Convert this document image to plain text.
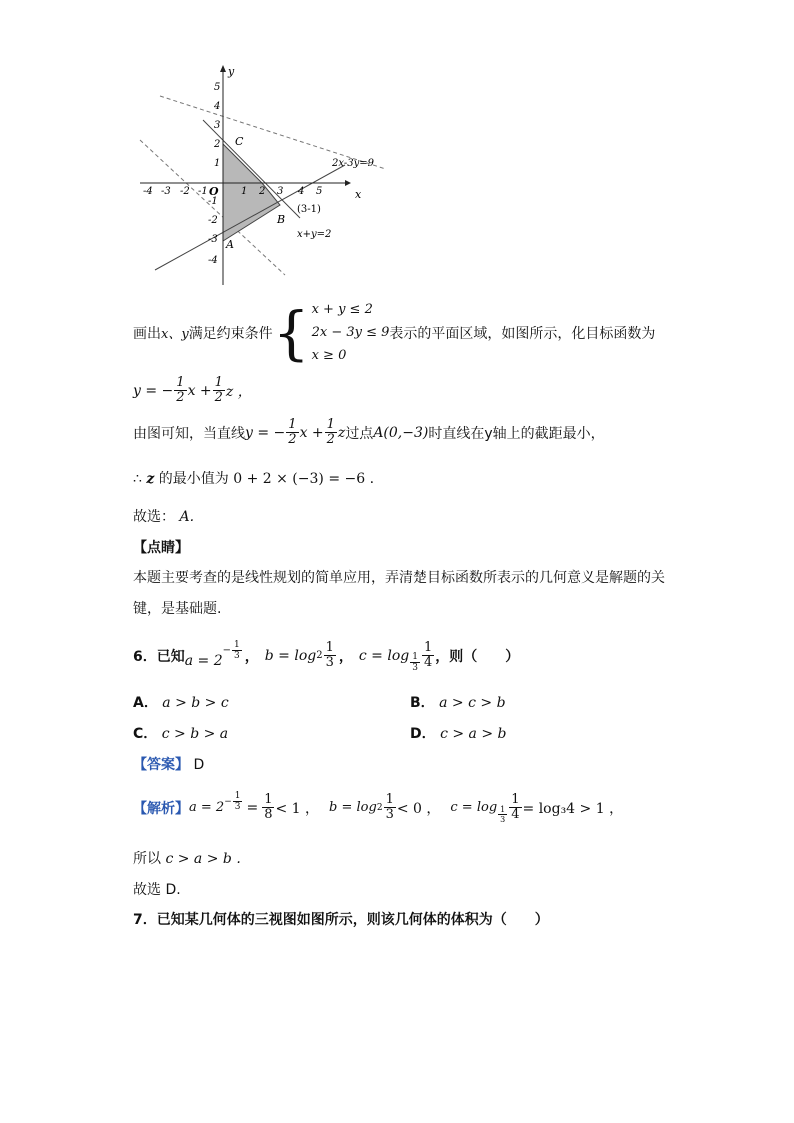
x
y
O
-4 -3 -2 -1	1 2 3 4 5
5
4
3
2
1
-1
-2
-3
-4
C
B
A
(3-1)
2x-3y=9
x+y=2
画出 x、y 满足约束条件 { x + y ≤ 2
2x − 3y ≤ 9
x ≥ 0
表示的平面区域，如图所示，化目标函数为
y = − $\frac{1}{2}$ $x + \frac{1}{2}$ z ，
由图可知，当直线 y = − $\frac{1}{2}$ $x + \frac{1}{2}$ z 过点 A(0,−3) 时直线在y轴上的截距最小，
∴ z 的最小值为 0 + 2 × (−3) = −6 .
故选： A.
【点睛】
本题主要考查的是线性规划的简单应用，弄清楚目标函数所表示的几何意义是解题的关
键，是基础题.
6．已知 a = 2
− $\frac{1}{3}$ ， $b = \log 2 \frac{1}{3}$ ， $c = \log \frac{1}{3} \frac{1}{4}$ ，则（　　）
A． a > b > c	B． a > c > b
C． c > b > a	D． c > a > b
【答案】 D
【解析】 $a = 2 - \frac{1}{3} = \frac{1}{8} < 1$ ， $b = \log 2 \frac{1}{3} < 0$ ， $c = \log \frac{1}{3} \frac{1}{4} = \log_34 > 1$ ，
所以 c > a > b .
故选 D.
7．已知某几何体的三视图如图所示，则该几何体的体积为（　　）
